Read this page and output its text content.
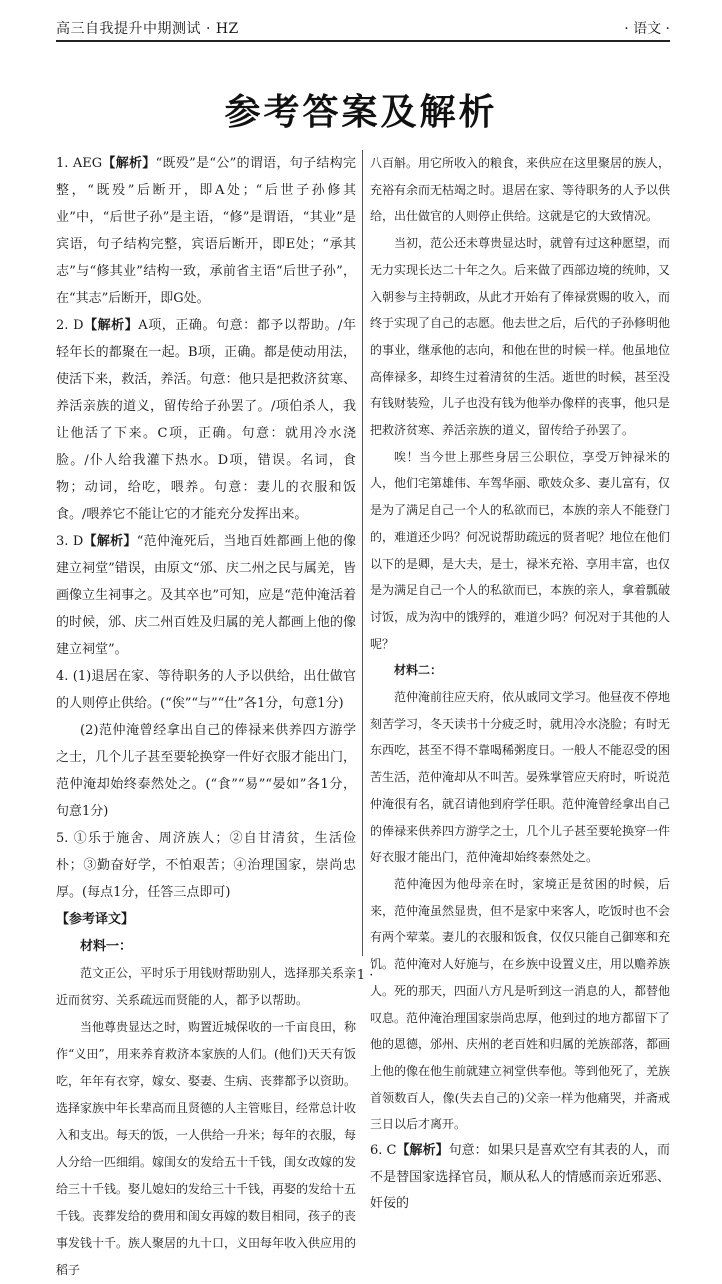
高三自我提升中期测试 · HZ	· 语文 ·
参考答案及解析

1. AEG【解析】“既殁”是“公”的谓语，句子结构完整，“既殁”后断开，即A处；“后世子孙修其业”中，“后世子孙”是主语，“修”是谓语，“其业”是宾语，句子结构完整，宾语后断开，即E处；“承其志”与“修其业”结构一致，承前省主语“后世子孙”，在“其志”后断开，即G处。

2. D【解析】A项，正确。句意：都予以帮助。/年轻年长的都聚在一起。B项，正确。都是使动用法，使活下来，救活，养活。句意：他只是把救济贫寒、养活亲族的道义，留传给子孙罢了。/项伯杀人，我让他活了下来。C项，正确。句意：就用冷水浇脸。/仆人给我灌下热水。D项，错误。名词，食物；动词，给吃，喂养。句意：妻儿的衣服和饭食。/喂养它不能让它的才能充分发挥出来。

3. D【解析】“范仲淹死后，当地百姓都画上他的像建立祠堂”错误，由原文“邠、庆二州之民与属羌，皆画像立生祠事之。及其卒也”可知，应是“范仲淹活着的时候，邠、庆二州百姓及归属的羌人都画上他的像建立祠堂”。

4. (1)退居在家、等待职务的人予以供给，出仕做官的人则停止供给。(“俟”“与”“仕”各1分，句意1分)

(2)范仲淹曾经拿出自己的俸禄来供养四方游学之士，几个儿子甚至要轮换穿一件好衣服才能出门，范仲淹却始终泰然处之。(“食”“易”“晏如”各1分，句意1分)

5. ①乐于施舍、周济族人；②自甘清贫，生活俭朴；③勤奋好学，不怕艰苦；④治理国家，崇尚忠厚。(每点1分，任答三点即可)

【参考译文】

材料一：

范文正公，平时乐于用钱财帮助别人，选择那关系亲近而贫穷、关系疏远而贤能的人，都予以帮助。

当他尊贵显达之时，购置近城保收的一千亩良田，称作“义田”，用来养育救济本家族的人们。(他们)天天有饭吃，年年有衣穿，嫁女、娶妻、生病、丧葬都予以资助。选择家族中年长辈高而且贤德的人主管账目，经常总计收入和支出。每天的饭，一人供给一升米；每年的衣服，每人分给一匹细绢。嫁闺女的发给五十千钱，闺女改嫁的发给三十千钱。娶儿媳妇的发给三十千钱，再娶的发给十五千钱。丧葬发给的费用和闺女再嫁的数目相同，孩子的丧事发钱十千。族人聚居的九十口，义田每年收入供应用的稻子

八百斛。用它所收入的粮食，来供应在这里聚居的族人，充裕有余而无枯竭之时。退居在家、等待职务的人予以供给，出仕做官的人则停止供给。这就是它的大致情况。

当初，范公还未尊贵显达时，就曾有过这种愿望，而无力实现长达二十年之久。后来做了西部边境的统帅，又入朝参与主持朝政，从此才开始有了俸禄赏赐的收入，而终于实现了自己的志愿。他去世之后，后代的子孙修明他的事业，继承他的志向，和他在世的时候一样。他虽地位高俸禄多，却终生过着清贫的生活。逝世的时候，甚至没有钱财装殓，儿子也没有钱为他举办像样的丧事，他只是把救济贫寒、养活亲族的道义，留传给子孙罢了。

唉！当今世上那些身居三公职位，享受万钟禄米的人，他们宅第雄伟、车驾华丽、歌妓众多、妻儿富有，仅是为了满足自己一个人的私欲而已，本族的亲人不能登门的，难道还少吗？何况说帮助疏远的贤者呢？地位在他们以下的是卿，是大夫，是士，禄米充裕、享用丰富，也仅是为满足自己一个人的私欲而已，本族的亲人，拿着瓢破讨饭，成为沟中的饿殍的，难道少吗？何况对于其他的人呢？

材料二：

范仲淹前往应天府，依从戚同文学习。他昼夜不停地刻苦学习，冬天读书十分疲乏时，就用冷水浇脸；有时无东西吃，甚至不得不靠喝稀粥度日。一般人不能忍受的困苦生活，范仲淹却从不叫苦。晏殊掌管应天府时，听说范仲淹很有名，就召请他到府学任职。范仲淹曾经拿出自己的俸禄来供养四方游学之士，几个儿子甚至要轮换穿一件好衣服才能出门，范仲淹却始终泰然处之。

范仲淹因为他母亲在时，家境正是贫困的时候，后来，范仲淹虽然显贵，但不是家中来客人，吃饭时也不会有两个荤菜。妻儿的衣服和饭食，仅仅只能自己御寒和充饥。范仲淹对人好施与，在乡族中设置义庄，用以赡养族人。死的那天，四面八方凡是听到这一消息的人，都替他叹息。范仲淹治理国家崇尚忠厚，他到过的地方都留下了他的恩德，邠州、庆州的老百姓和归属的羌族部落，都画上他的像在他生前就建立祠堂供奉他。等到他死了，羌族首领数百人，像(失去自己的)父亲一样为他痛哭，并斋戒三日以后才离开。

6. C【解析】句意：如果只是喜欢空有其表的人，而不是替国家选择官员，顺从私人的情感而亲近邪恶、奸佞的

· 1 ·
